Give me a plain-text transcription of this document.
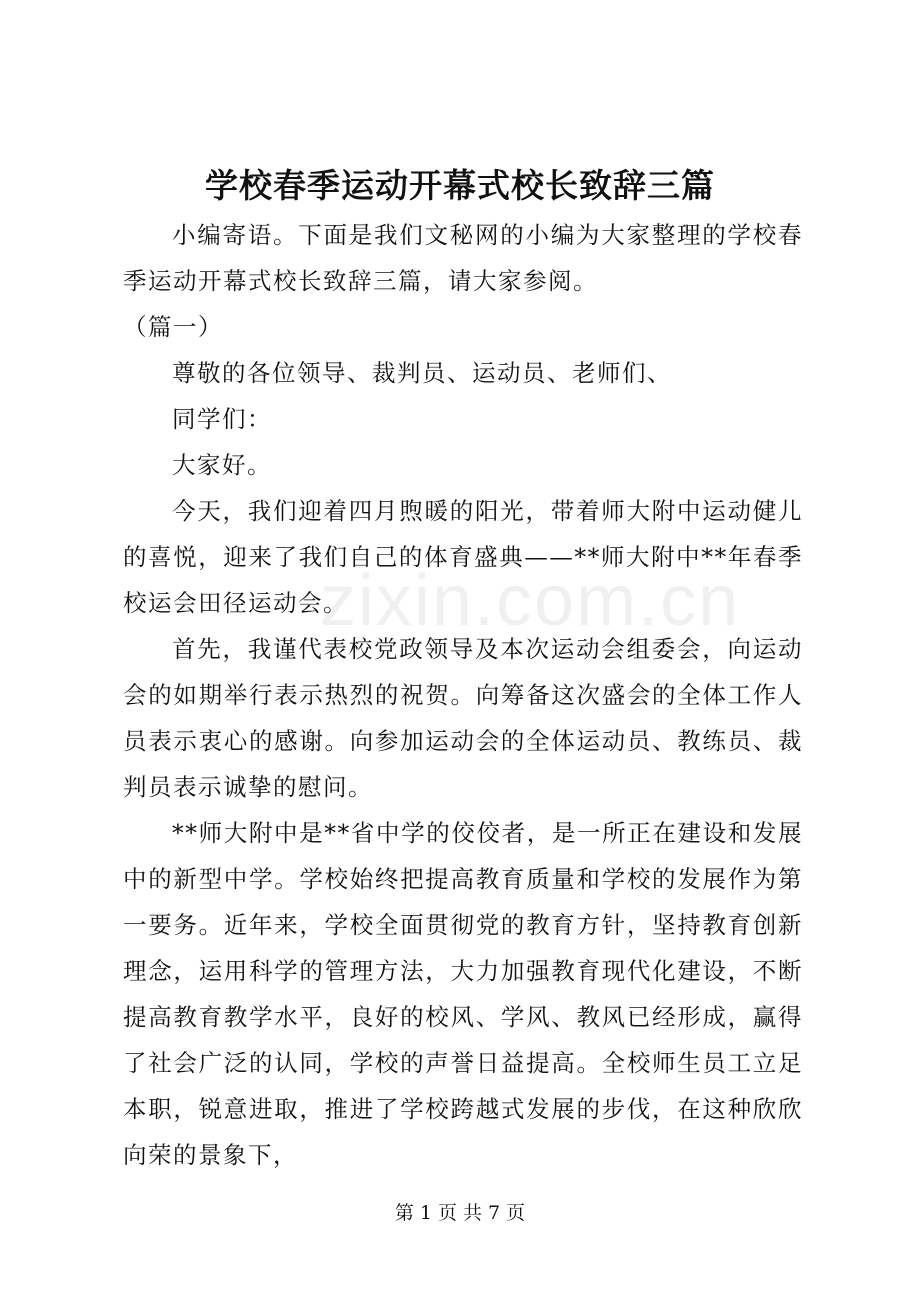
zixin.com.cn
学校春季运动开幕式校长致辞三篇

小编寄语。下面是我们文秘网的小编为大家整理的学校春季运动开幕式校长致辞三篇，请大家参阅。

（篇一）

尊敬的各位领导、裁判员、运动员、老师们、

同学们：

大家好。

今天，我们迎着四月煦暖的阳光，带着师大附中运动健儿的喜悦，迎来了我们自己的体育盛典——**师大附中**年春季校运会田径运动会。

首先，我谨代表校党政领导及本次运动会组委会，向运动会的如期举行表示热烈的祝贺。向筹备这次盛会的全体工作人员表示衷心的感谢。向参加运动会的全体运动员、教练员、裁判员表示诚挚的慰问。

**师大附中是**省中学的佼佼者，是一所正在建设和发展中的新型中学。学校始终把提高教育质量和学校的发展作为第一要务。近年来，学校全面贯彻党的教育方针，坚持教育创新理念，运用科学的管理方法，大力加强教育现代化建设，不断提高教育教学水平，良好的校风、学风、教风已经形成，赢得了社会广泛的认同，学校的声誉日益提高。全校师生员工立足本职，锐意进取，推进了学校跨越式发展的步伐，在这种欣欣向荣的景象下，

第 1 页 共 7 页
